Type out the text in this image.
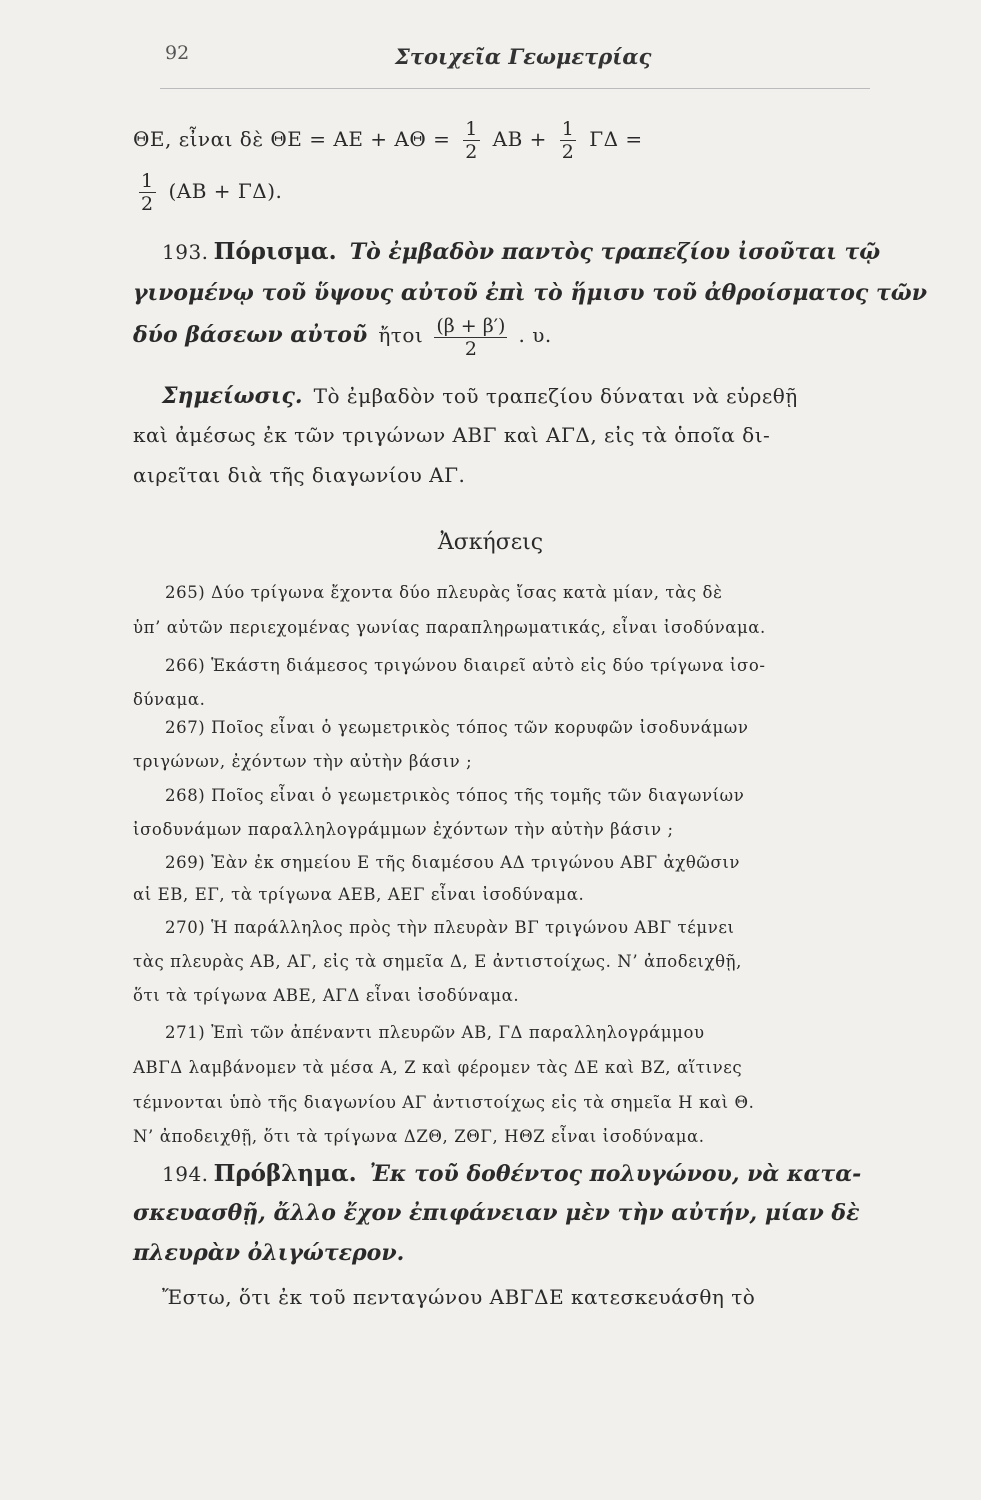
92	Στοιχεῖα Γεωμετρίας
ΘΕ, εἶναι δὲ $\Theta E = AE + A\Theta = \frac{1}{2}$ $AB + \frac{1}{2}$ ΓΔ =
$\frac{1}{2} (AB + \Gamma\Delta)$.
193. Πόρισμα. Τὸ ἐμβαδὸν παντὸς τραπεζίου ἰσοῦται τῷ
γινομένῳ τοῦ ὕψους αὐτοῦ ἐπὶ τὸ ἥμισυ τοῦ ἀθροίσματος τῶν
δύο βάσεων αὐτοῦ ἤτοι $\frac{(\beta + \beta')}{2}$ . υ.
Σημείωσις. Τὸ ἐμβαδὸν τοῦ τραπεζίου δύναται νὰ εὑρεθῇ
καὶ ἀμέσως ἐκ τῶν τριγώνων ΑΒΓ καὶ ΑΓΔ, εἰς τὰ ὁποῖα δι-
αιρεῖται διὰ τῆς διαγωνίου ΑΓ.
Ἀσκήσεις
265) Δύο τρίγωνα ἔχοντα δύο πλευρὰς ἴσας κατὰ μίαν, τὰς δὲ
ὑπ’ αὐτῶν περιεχομένας γωνίας παραπληρωματικάς, εἶναι ἰσοδύναμα.
266) Ἑκάστη διάμεσος τριγώνου διαιρεῖ αὐτὸ εἰς δύο τρίγωνα ἰσο-
δύναμα.
267) Ποῖος εἶναι ὁ γεωμετρικὸς τόπος τῶν κορυφῶν ἰσοδυνάμων
τριγώνων, ἐχόντων τὴν αὐτὴν βάσιν ;
268) Ποῖος εἶναι ὁ γεωμετρικὸς τόπος τῆς τομῆς τῶν διαγωνίων
ἰσοδυνάμων παραλληλογράμμων ἐχόντων τὴν αὐτὴν βάσιν ;
269) Ἐὰν ἐκ σημείου Ε τῆς διαμέσου ΑΔ τριγώνου ΑΒΓ ἀχθῶσιν
αἱ ΕΒ, ΕΓ, τὰ τρίγωνα ΑΕΒ, ΑΕΓ εἶναι ἰσοδύναμα.
270) Ἡ παράλληλος πρὸς τὴν πλευρὰν ΒΓ τριγώνου ΑΒΓ τέμνει
τὰς πλευρὰς ΑΒ, ΑΓ, εἰς τὰ σημεῖα Δ, Ε ἀντιστοίχως. Ν’ ἀποδειχθῇ,
ὅτι τὰ τρίγωνα ΑΒΕ, ΑΓΔ εἶναι ἰσοδύναμα.
271) Ἐπὶ τῶν ἀπέναντι πλευρῶν ΑΒ, ΓΔ παραλληλογράμμου
ΑΒΓΔ λαμβάνομεν τὰ μέσα Α, Ζ καὶ φέρομεν τὰς ΔΕ καὶ ΒΖ, αἵτινες
τέμνονται ὑπὸ τῆς διαγωνίου ΑΓ ἀντιστοίχως εἰς τὰ σημεῖα Η καὶ Θ.
Ν’ ἀποδειχθῇ, ὅτι τὰ τρίγωνα ΔΖΘ, ΖΘΓ, ΗΘΖ εἶναι ἰσοδύναμα.
194. Πρόβλημα. Ἐκ τοῦ δοθέντος πολυγώνου, νὰ κατα-
σκευασθῇ, ἄλλο ἔχον ἐπιφάνειαν μὲν τὴν αὐτήν, μίαν δὲ
πλευρὰν ὀλιγώτερον.
Ἔστω, ὅτι ἐκ τοῦ πενταγώνου ΑΒΓΔΕ κατεσκευάσθη τὸ
